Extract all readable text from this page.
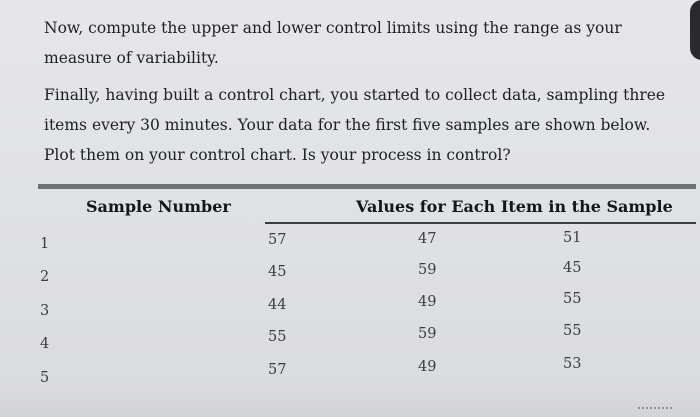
Now, compute the upper and lower control limits using the range as your measure of variability.
Finally, having built a control chart, you started to collect data, sampling three items every 30 minutes. Your data for the first five samples are shown below. Plot them on your control chart. Is your process in control?
Sample Number	Values for Each Item in the Sample
1	57	47	51
2	45	59	45
3	44	49	55
4	55	59	55
5	57	49	53
